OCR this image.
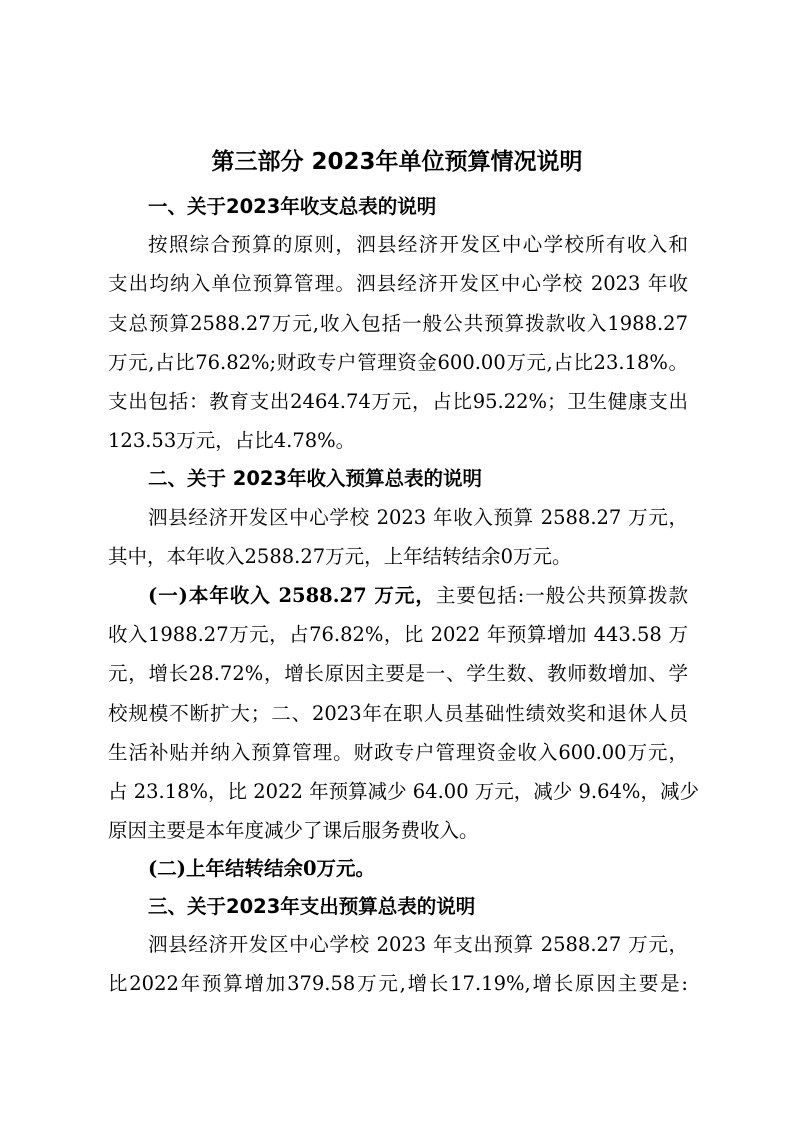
第三部分 2023年单位预算情况说明
一、关于2023年收支总表的说明
按照综合预算的原则，泗县经济开发区中心学校所有收入和
支出均纳入单位预算管理。泗县经济开发区中心学校 2023 年收
支总预算2588.27万元,收入包括一般公共预算拨款收入1988.27
万元,占比76.82%;财政专户管理资金600.00万元,占比23.18%。
支出包括：教育支出2464.74万元，占比95.22%；卫生健康支出
123.53万元，占比4.78%。
二、关于 2023年收入预算总表的说明
泗县经济开发区中心学校 2023 年收入预算 2588.27 万元，
其中，本年收入2588.27万元，上年结转结余0万元。
(一)本年收入 2588.27 万元，主要包括:一般公共预算拨款
收入1988.27万元，占76.82%，比 2022 年预算增加 443.58 万
元，增长28.72%，增长原因主要是一、学生数、教师数增加、学
校规模不断扩大；二、2023年在职人员基础性绩效奖和退休人员
生活补贴并纳入预算管理。财政专户管理资金收入600.00万元，
占 23.18%，比 2022 年预算减少 64.00 万元，减少 9.64%，减少
原因主要是本年度减少了课后服务费收入。
(二)上年结转结余0万元。
三、关于2023年支出预算总表的说明
泗县经济开发区中心学校 2023 年支出预算 2588.27 万元，
比2022年预算增加379.58万元,增长17.19%,增长原因主要是:
